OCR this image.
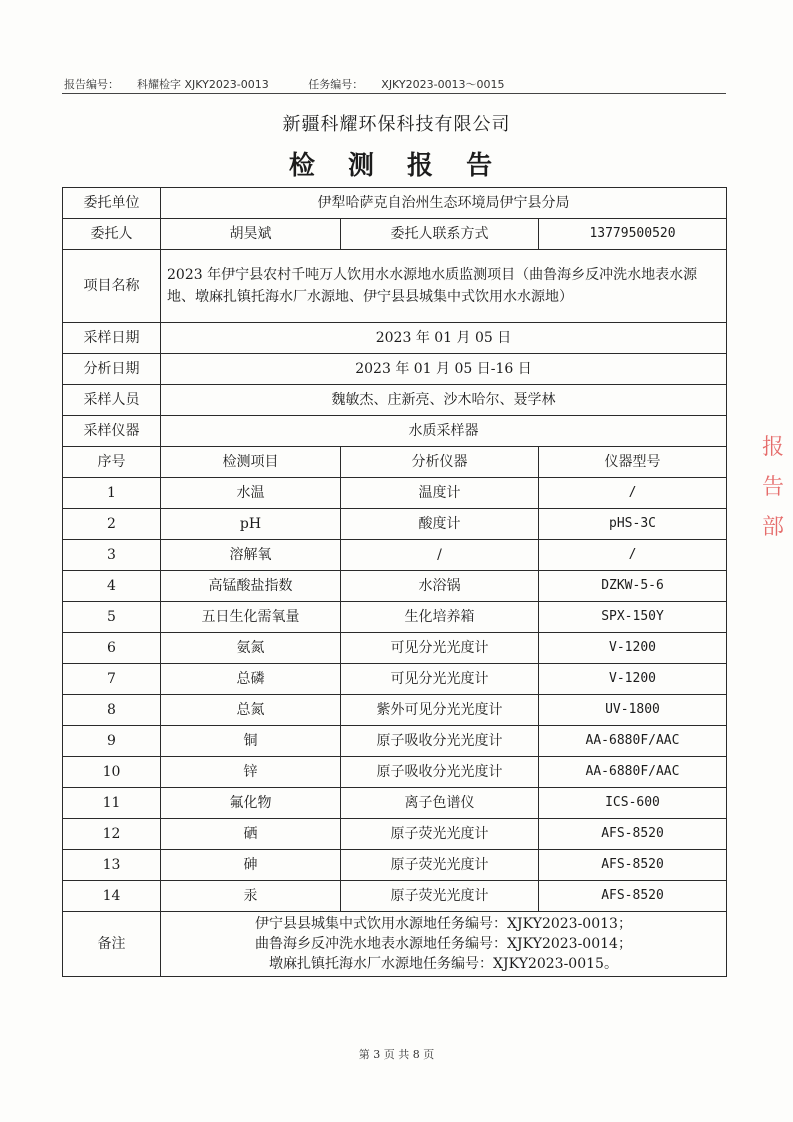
报告编号： 科耀检字 XJKY2023-0013	任务编号： XJKY2023-0013～0015
新疆科耀环保科技有限公司
检 测 报 告
委托单位	伊犁哈萨克自治州生态环境局伊宁县分局		
委托人	胡昊斌	委托人联系方式	13779500520
项目名称	2023 年伊宁县农村千吨万人饮用水水源地水质监测项目（曲鲁海乡反冲洗水地表水源地、墩麻扎镇托海水厂水源地、伊宁县县城集中式饮用水水源地）		
采样日期	2023 年 01 月 05 日		
分析日期	2023 年 01 月 05 日-16 日		
采样人员	魏敏杰、庄新亮、沙木哈尔、聂学林		
采样仪器	水质采样器		
序号	检测项目	分析仪器	仪器型号
1	水温	温度计	/
2	pH	酸度计	pHS-3C
3	溶解氧	/	/
4	高锰酸盐指数	水浴锅	DZKW-5-6
5	五日生化需氧量	生化培养箱	SPX-150Y
6	氨氮	可见分光光度计	V-1200
7	总磷	可见分光光度计	V-1200
8	总氮	紫外可见分光光度计	UV-1800
9	铜	原子吸收分光光度计	AA-6880F/AAC
10	锌	原子吸收分光光度计	AA-6880F/AAC
11	氟化物	离子色谱仪	ICS-600
12	硒	原子荧光光度计	AFS-8520
13	砷	原子荧光光度计	AFS-8520
14	汞	原子荧光光度计	AFS-8520
备注	伊宁县县城集中式饮用水源地任务编号：XJKY2023-0013；
曲鲁海乡反冲洗水地表水源地任务编号：XJKY2023-0014；
墩麻扎镇托海水厂水源地任务编号：XJKY2023-0015。		
第 3 页 共 8 页
报
告
部
